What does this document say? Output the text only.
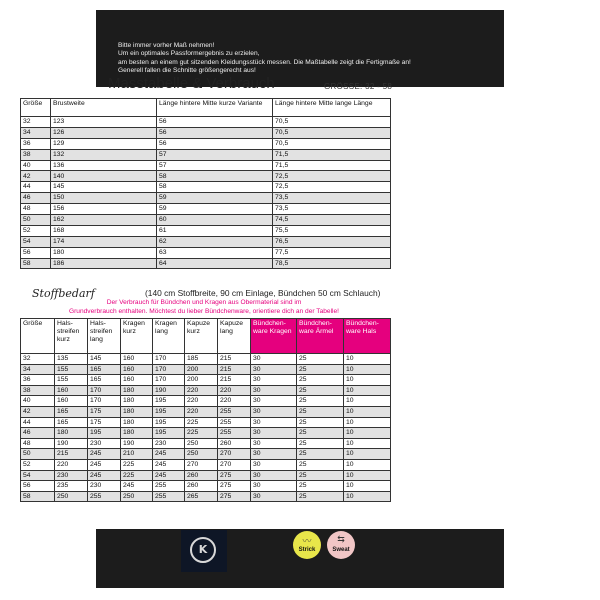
Bitte immer vorher Maß nehmen!
Um ein optimales Passformergebnis zu erzielen,
am besten an einem gut sitzenden Kleidungsstück messen. Die Maßtabelle zeigt die Fertigmaße an!
Generell fallen die Schnitte größengerecht aus!
Masstabelle & Verbrauch	GRÖSSE: 32 - 58
Größe	Brustweite	Länge hintere Mitte kurze Variante	Länge hintere Mitte lange Länge
32	123	56	70,5
34	126	56	70,5
36	129	56	70,5
38	132	57	71,5
40	136	57	71,5
42	140	58	72,5
44	145	58	72,5
46	150	59	73,5
48	156	59	73,5
50	162	60	74,5
52	168	61	75,5
54	174	62	76,5
56	180	63	77,5
58	186	64	78,5
Stoffbedarf	(140 cm Stoffbreite, 90 cm Einlage, Bündchen 50 cm Schlauch)
Der Verbrauch für Bündchen und Kragen aus Obermaterial sind im
Grundverbrauch enthalten. Möchtest du lieber Bündchenware, orientiere dich an der Tabelle!
Größe	Hals-streifen kurz	Hals-streifen lang	Kragen kurz	Kragen lang	Kapuze kurz	Kapuze lang	Bündchen-ware Kragen	Bündchen-ware Ärmel	Bündchen-ware Hals
32	135	145	160	170	185	215	30	25	10
34	155	165	160	170	200	215	30	25	10
36	155	165	160	170	200	215	30	25	10
38	160	170	180	190	220	220	30	25	10
40	160	170	180	195	220	220	30	25	10
42	165	175	180	195	220	255	30	25	10
44	165	175	180	195	225	255	30	25	10
46	180	195	180	195	225	255	30	25	10
48	190	230	190	230	250	260	30	25	10
50	215	245	210	245	250	270	30	25	10
52	220	245	225	245	270	270	30	25	10
54	230	245	225	245	260	275	30	25	10
56	235	230	245	255	260	275	30	25	10
58	250	255	250	255	265	275	30	25	10
K
〰
Strick
⇆
Sweat
